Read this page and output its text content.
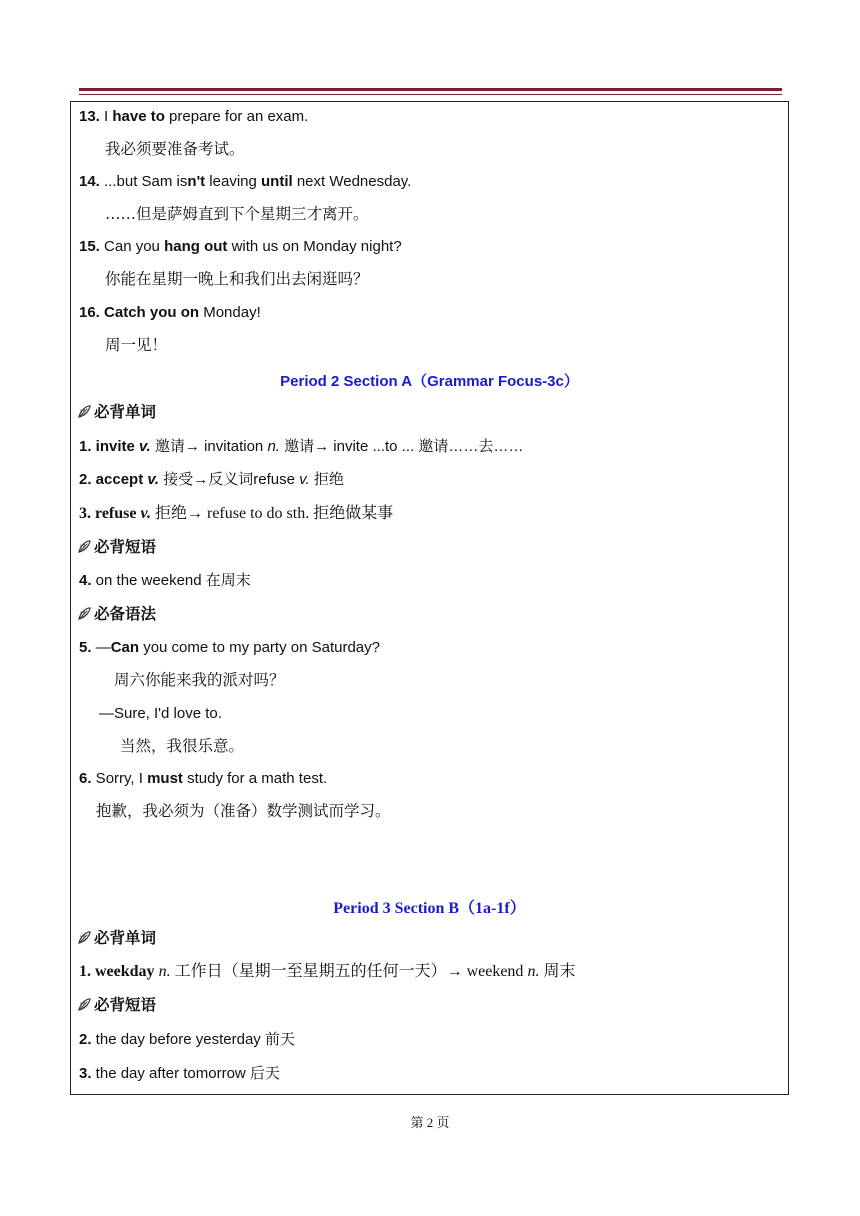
13. I have to prepare for an exam.
我必须要准备考试。
14. ...but Sam isn't leaving until next Wednesday.
……但是萨姆直到下个星期三才离开。
15. Can you hang out with us on Monday night?
你能在星期一晚上和我们出去闲逛吗？
16. Catch you on Monday!
周一见！
Period 2 Section A（Grammar Focus-3c）
必背单词
1. invite v. 邀请→ invitation n. 邀请→ invite ...to ... 邀请……去……
2. accept v. 接受→反义词refuse v. 拒绝
3. refuse v. 拒绝→ refuse to do sth. 拒绝做某事
必背短语
4. on the weekend 在周末
必备语法
5. —Can you come to my party on Saturday?
周六你能来我的派对吗？
—Sure, I'd love to.
当然，我很乐意。
6. Sorry, I must study for a math test.
抱歉，我必须为（准备）数学测试而学习。
Period 3 Section B（1a-1f）
必背单词
1. weekday n. 工作日（星期一至星期五的任何一天）→ weekend n. 周末
必背短语
2. the day before yesterday 前天
3. the day after tomorrow 后天
第 2 页
